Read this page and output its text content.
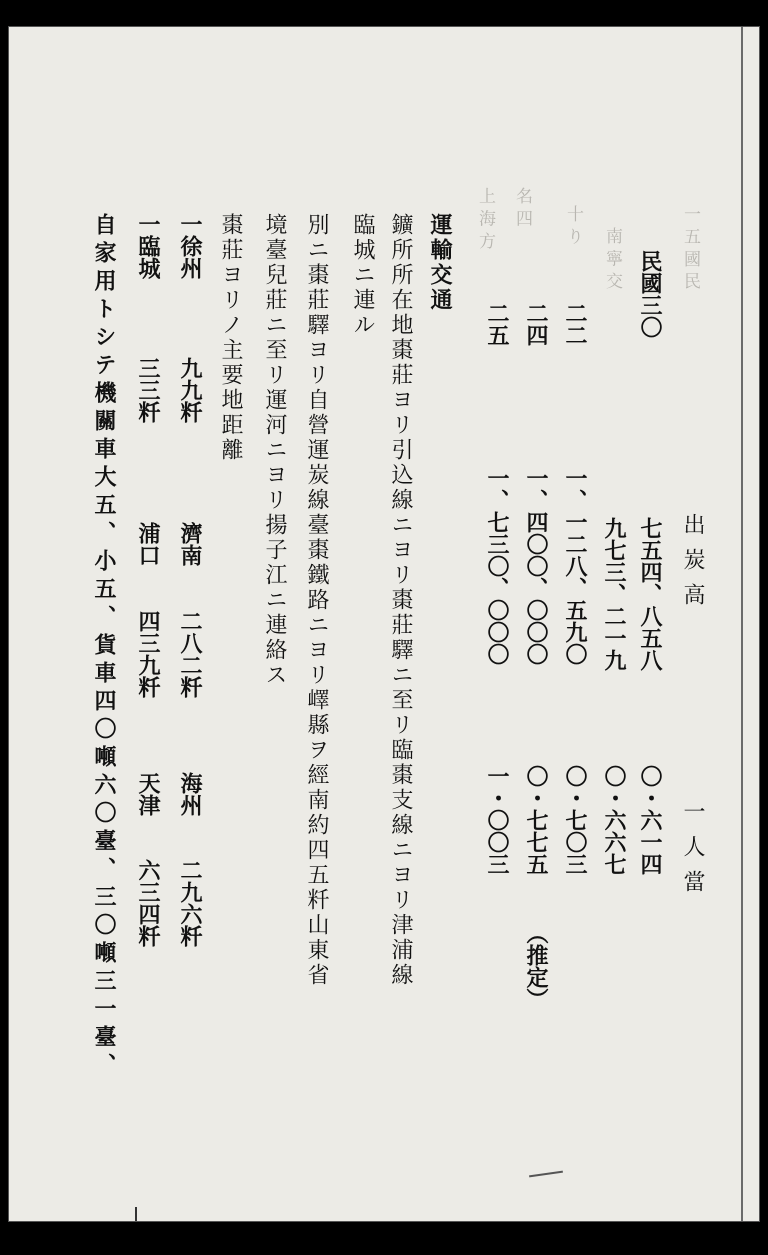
出 炭 高
一 人 當
一 五 國 民
南 寧 交
十 り
名 四
上 海 方
民國三〇
七五四、八五八
〇・六一四
九七三、二一九
〇・六六七
二二
一、一二八、五九〇
〇・七〇三
二四
一、四〇〇、〇〇〇
〇・七七五
（推定）
二五
一、七三〇、〇〇〇
一・〇〇三
運輸交通
鑛所所在地棗莊ヨリ引込線ニヨリ棗莊驛ニ至リ臨棗支線ニヨリ津浦線
臨城ニ連ル
別ニ棗莊驛ヨリ自營運炭線臺棗鐵路ニヨリ嶧縣ヲ經南約四五粁山東省
境臺兒莊ニ至リ運河ニヨリ揚子江ニ連絡ス
棗莊ヨリノ主要地距離
一徐州
九九粁
濟南
二八二粁
海州
二九六粁
一臨城
三三粁
浦口
四三九粁
天津
六三四粁
自家用トシテ機關車大五、小五、貨車四〇噸六〇臺、三〇噸三一臺、
